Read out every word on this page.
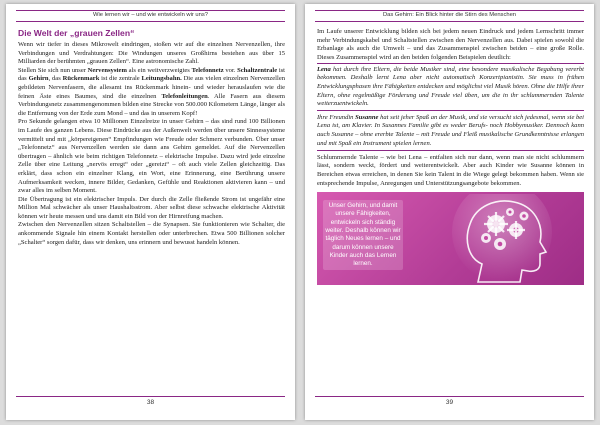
Wie lernen wir – und wie entwickeln wir uns?
Die Welt der „grauen Zellen“

Wenn wir tiefer in dieses Mikrowelt eindringen, stoßen wir auf die einzelnen Nervenzellen, ihre Verbindungen und Verdrahtungen: Die Windungen unseres Großhirns bestehen aus über 15 Milliarden der berühmten „grauen Zellen“. Eine astronomische Zahl.

Stellen Sie sich nun unser Nervensystem als ein weitverzweigtes Telefonnetz vor. Schaltzentrale ist das Gehirn, das Rückenmark ist die zentrale Leitungsbahn. Die aus vielen einzelnen Nervenzellen gebildeten Nervenfasern, die allesamt ins Rückenmark hinein- und wieder herauslaufen wie die feinen Äste eines Baumes, sind die einzelnen Telefonleitungen. Alle Fasern aus diesem Verbindungsnetz zusammengenommen bilden eine Strecke von 500.000 Kilometern Länge, länger als die Entfernung von der Erde zum Mond – und das in unserem Kopf!

Pro Sekunde gelangen etwa 10 Millionen Einzelreize in unser Gehirn – das sind rund 100 Billionen im Laufe des ganzen Lebens. Diese Eindrücke aus der Außenwelt werden über unsere Sinnessysteme vermittelt und mit „körpereigenen“ Empfindungen wie Freude oder Schmerz verbunden. Über unser „Telefonnetz“ aus Nervenzellen werden sie dann ans Gehirn gemeldet. Auf die Nervenzellen übertragen – ähnlich wie beim richtigen Telefonnetz – elektrische Impulse. Dazu wird jede einzelne Zelle über eine Leitung „nervös erregt“ oder „gereizt“ – oft auch viele Zellen gleichzeitig. Das erklärt, dass schon ein einzelner Klang, ein Wort, eine Erinnerung, eine Berührung unsere Aufmerksamkeit wecken, innere Bilder, Gedanken, Gefühle und Reaktionen aktivieren kann – und zwar alles im selben Moment.

Die Übertragung ist ein elektrischer Impuls. Der durch die Zelle fließende Strom ist ungefähr eine Million Mal schwächer als unser Haushaltsstrom. Aber selbst diese schwache elektrische Aktivität können wir heute messen und uns damit ein Bild von der Hirnreifung machen.

Zwischen den Nervenzellen sitzen Schaltstellen – die Synapsen. Sie funktionieren wie Schalter, die ankommende Signale hin einem Kontakt herstellen oder unterbrechen. Etwa 500 Billionen solcher „Schalter“ sorgen dafür, dass wir denken, uns erinnern und bewusst handeln können.

38
Das Gehirn: Ein Blick hinter die Stirn des Menschen

Im Laufe unserer Entwicklung bilden sich bei jedem neuen Eindruck und jedem Lernschritt immer mehr Verbindungskabel und Schaltstellen zwischen den Nervenzellen aus. Dabei spielen sowohl die Erbanlage als auch die Umwelt – und das Zusammenspiel zwischen beiden – eine große Rolle. Dieses Zusammenspiel wird an den beiden folgenden Beispielen deutlich:

Lena hat durch ihre Eltern, die beide Musiker sind, eine besondere musikalische Begabung vererbt bekommen. Deshalb lernt Lena aber nicht automatisch Konzertpianistin. Sie muss in frühen Entwicklungsphasen ihre Fähigkeiten entdecken und möglichst viel Musik hören. Ohne die Hilfe ihrer Eltern, ohne regelmäßige Förderung und Freude viel üben, um die in ihr schlummernden Talente weiterzuentwickeln.
Ihre Freundin Susanne hat seit jeher Spaß an der Musik, und sie versucht sich jedesmal, wenn sie bei Lena ist, am Klavier. In Susannes Familie gibt es weder Berufs- noch Hobbymusiker. Dennoch kann auch Susanne – ohne ererbte Talente – mit Freude und Fleiß musikalische Grundkenntnisse erlangen und mit Spaß ein Instrument spielen lernen.

Schlummernde Talente – wie bei Lena – entfalten sich nur dann, wenn man sie nicht schlummern lässt, sondern weckt, fördert und weiterentwickelt. Aber auch Kinder wie Susanne können in Bereichen etwas erreichen, in denen Sie kein Talent in die Wiege gelegt bekommen haben. Wenn sie entsprechende Impulse, Anregungen und Unterstützungsangebote bekommen.

Unser Gehirn, und damit unsere Fähigkeiten, entwickeln sich ständig weiter. Deshalb können wir täglich Neues lernen – und darum können unsere Kinder auch das Lernen lernen.
39
